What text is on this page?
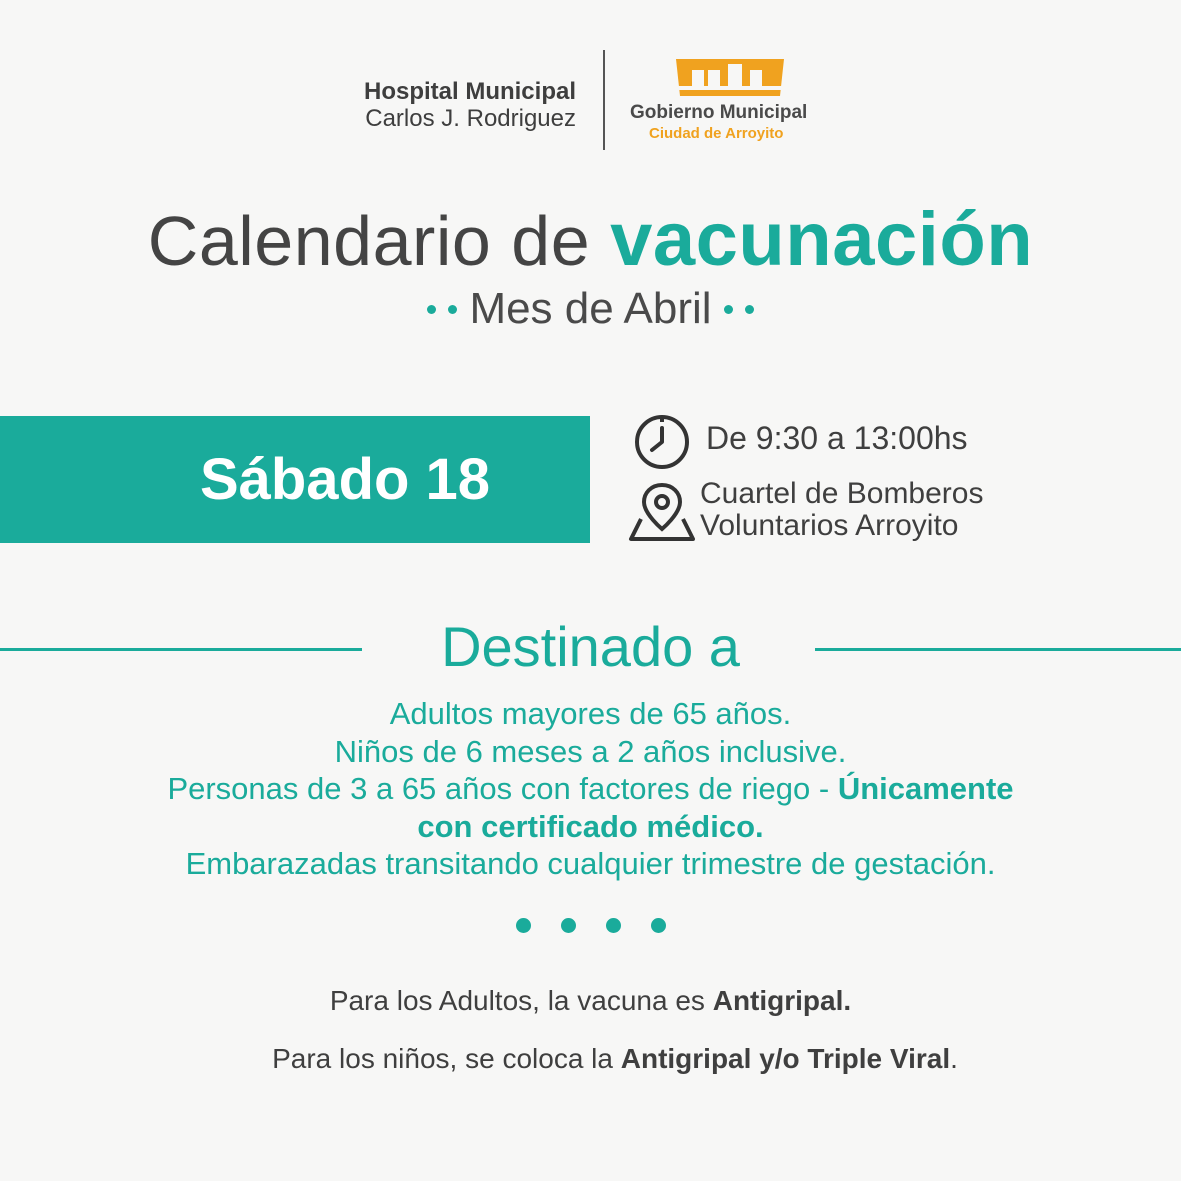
Hospital Municipal
Carlos J. Rodriguez	Gobierno Municipal
Ciudad de Arroyito
Calendario de vacunación
Mes de Abril
Sábado 18
De 9:30 a 13:00hs
Cuartel de Bomberos
Voluntarios Arroyito
Destinado a
Adultos mayores de 65 años.
Niños de 6 meses a 2 años inclusive.
Personas de 3 a 65 años con factores de riego - Únicamente
con certificado médico.
Embarazadas transitando cualquier trimestre de gestación.
Para los Adultos, la vacuna es Antigripal.
Para los niños, se coloca la Antigripal y/o Triple Viral.
